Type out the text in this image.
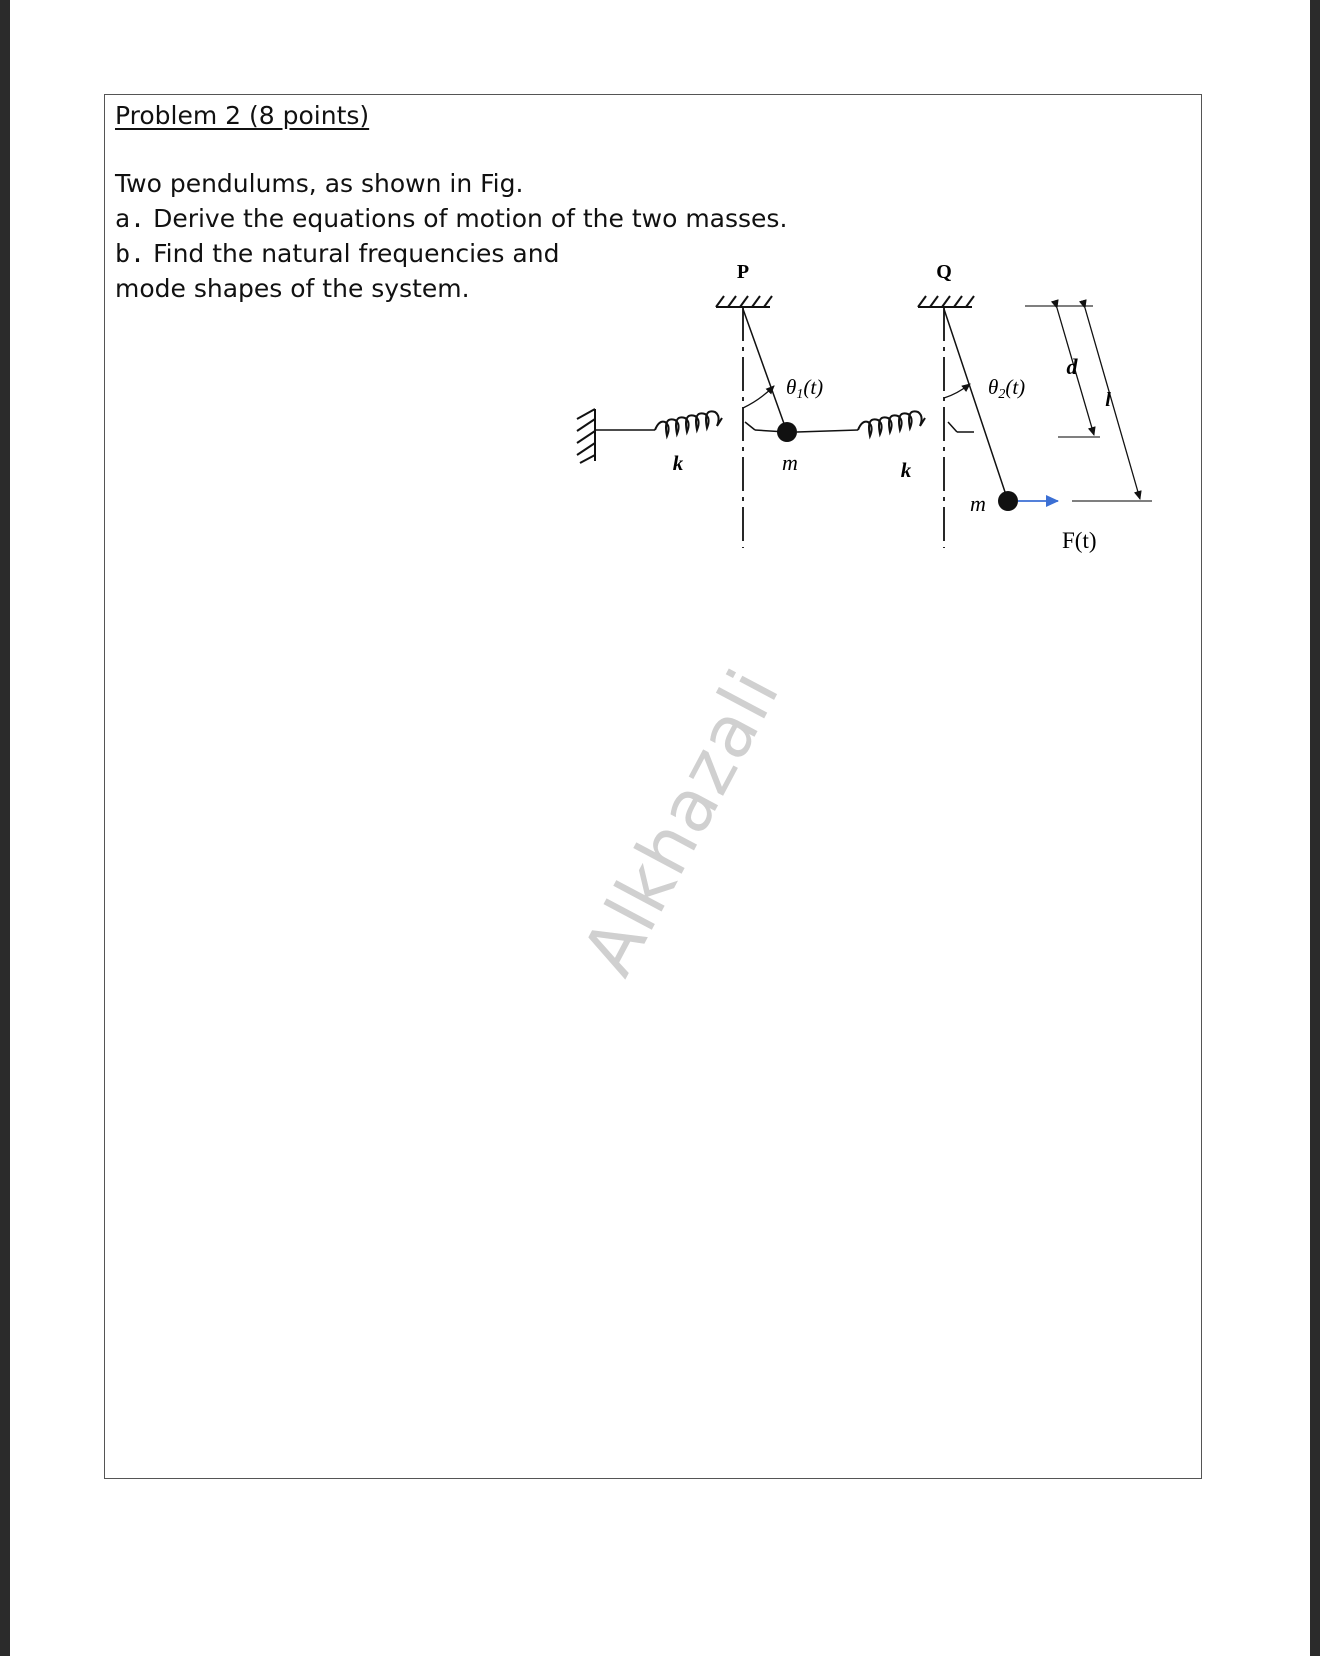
Problem 2 (8 points)
Two pendulums, as shown in Fig.
a. Derive the equations of motion of the two masses.
b. Find the natural frequencies and
mode shapes of the system.
P
θ1(t)
k	m	k
Q
θ2(t)
m
F(t)
d
l
Alkhazali
